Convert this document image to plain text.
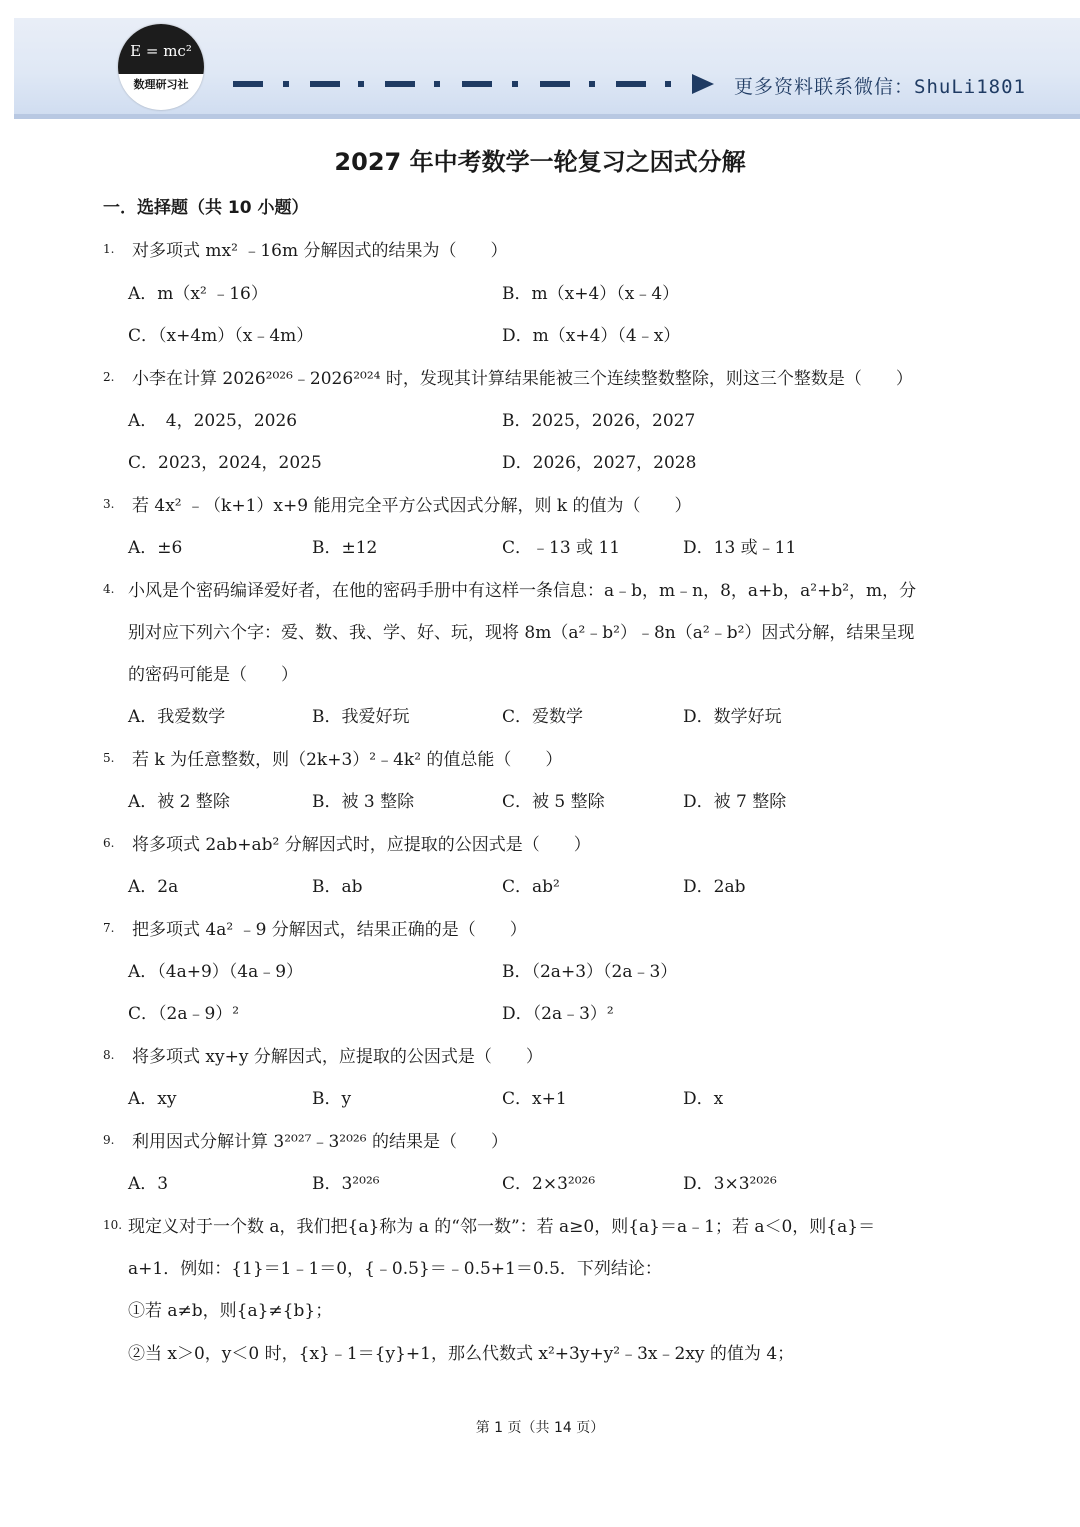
E = mc²
数理研习社	更多资料联系微信：ShuLi1801
2027 年中考数学一轮复习之因式分解
一．选择题（共 10 小题）
1. 对多项式 mx² ﹣16m 分解因式的结果为（　　）
A．m（x² ﹣16）	B．m（x+4）（x﹣4）
C．（x+4m）（x﹣4m）	D．m（x+4）（4﹣x）
2. 小李在计算 2026²⁰²⁶﹣2026²⁰²⁴ 时，发现其计算结果能被三个连续整数整除，则这三个整数是（　　）
A．　4，2025，2026	B．2025，2026，2027
C．2023，2024，2025	D．2026，2027，2028
3. 若 4x² ﹣（k+1）x+9 能用完全平方公式因式分解，则 k 的值为（　　）
A．±6	B．±12	C．﹣13 或 11	D．13 或﹣11
4. 小风是个密码编译爱好者，在他的密码手册中有这样一条信息：a﹣b，m﹣n，8，a+b，a²+b²，m，分
别对应下列六个字：爱、数、我、学、好、玩，现将 8m（a²﹣b²）﹣8n（a²﹣b²）因式分解，结果呈现
的密码可能是（　　）
A．我爱数学	B．我爱好玩	C．爱数学	D．数学好玩
5. 若 k 为任意整数，则（2k+3）²﹣4k² 的值总能（　　）
A．被 2 整除	B．被 3 整除	C．被 5 整除	D．被 7 整除
6. 将多项式 2ab+ab² 分解因式时，应提取的公因式是（　　）
A．2a	B．ab	C．ab²	D．2ab
7. 把多项式 4a² ﹣9 分解因式，结果正确的是（　　）
A．（4a+9）（4a﹣9）	B．（2a+3）（2a﹣3）
C．（2a﹣9）²	D．（2a﹣3）²
8. 将多项式 xy+y 分解因式，应提取的公因式是（　　）
A．xy	B．y	C．x+1	D．x
9. 利用因式分解计算 3²⁰²⁷﹣3²⁰²⁶ 的结果是（　　）
A．3	B．3²⁰²⁶	C．2×3²⁰²⁶	D．3×3²⁰²⁶
10. 现定义对于一个数 a，我们把{a}称为 a 的“邻一数”：若 a≥0，则{a}＝a﹣1；若 a＜0，则{a}＝
a+1．例如：{1}＝1﹣1＝0，{﹣0.5}＝﹣0.5+1＝0.5．下列结论：
①若 a≠b，则{a}≠{b}；
②当 x＞0，y＜0 时，{x}﹣1＝{y}+1，那么代数式 x²+3y+y²﹣3x﹣2xy 的值为 4；
第 1 页（共 14 页）
